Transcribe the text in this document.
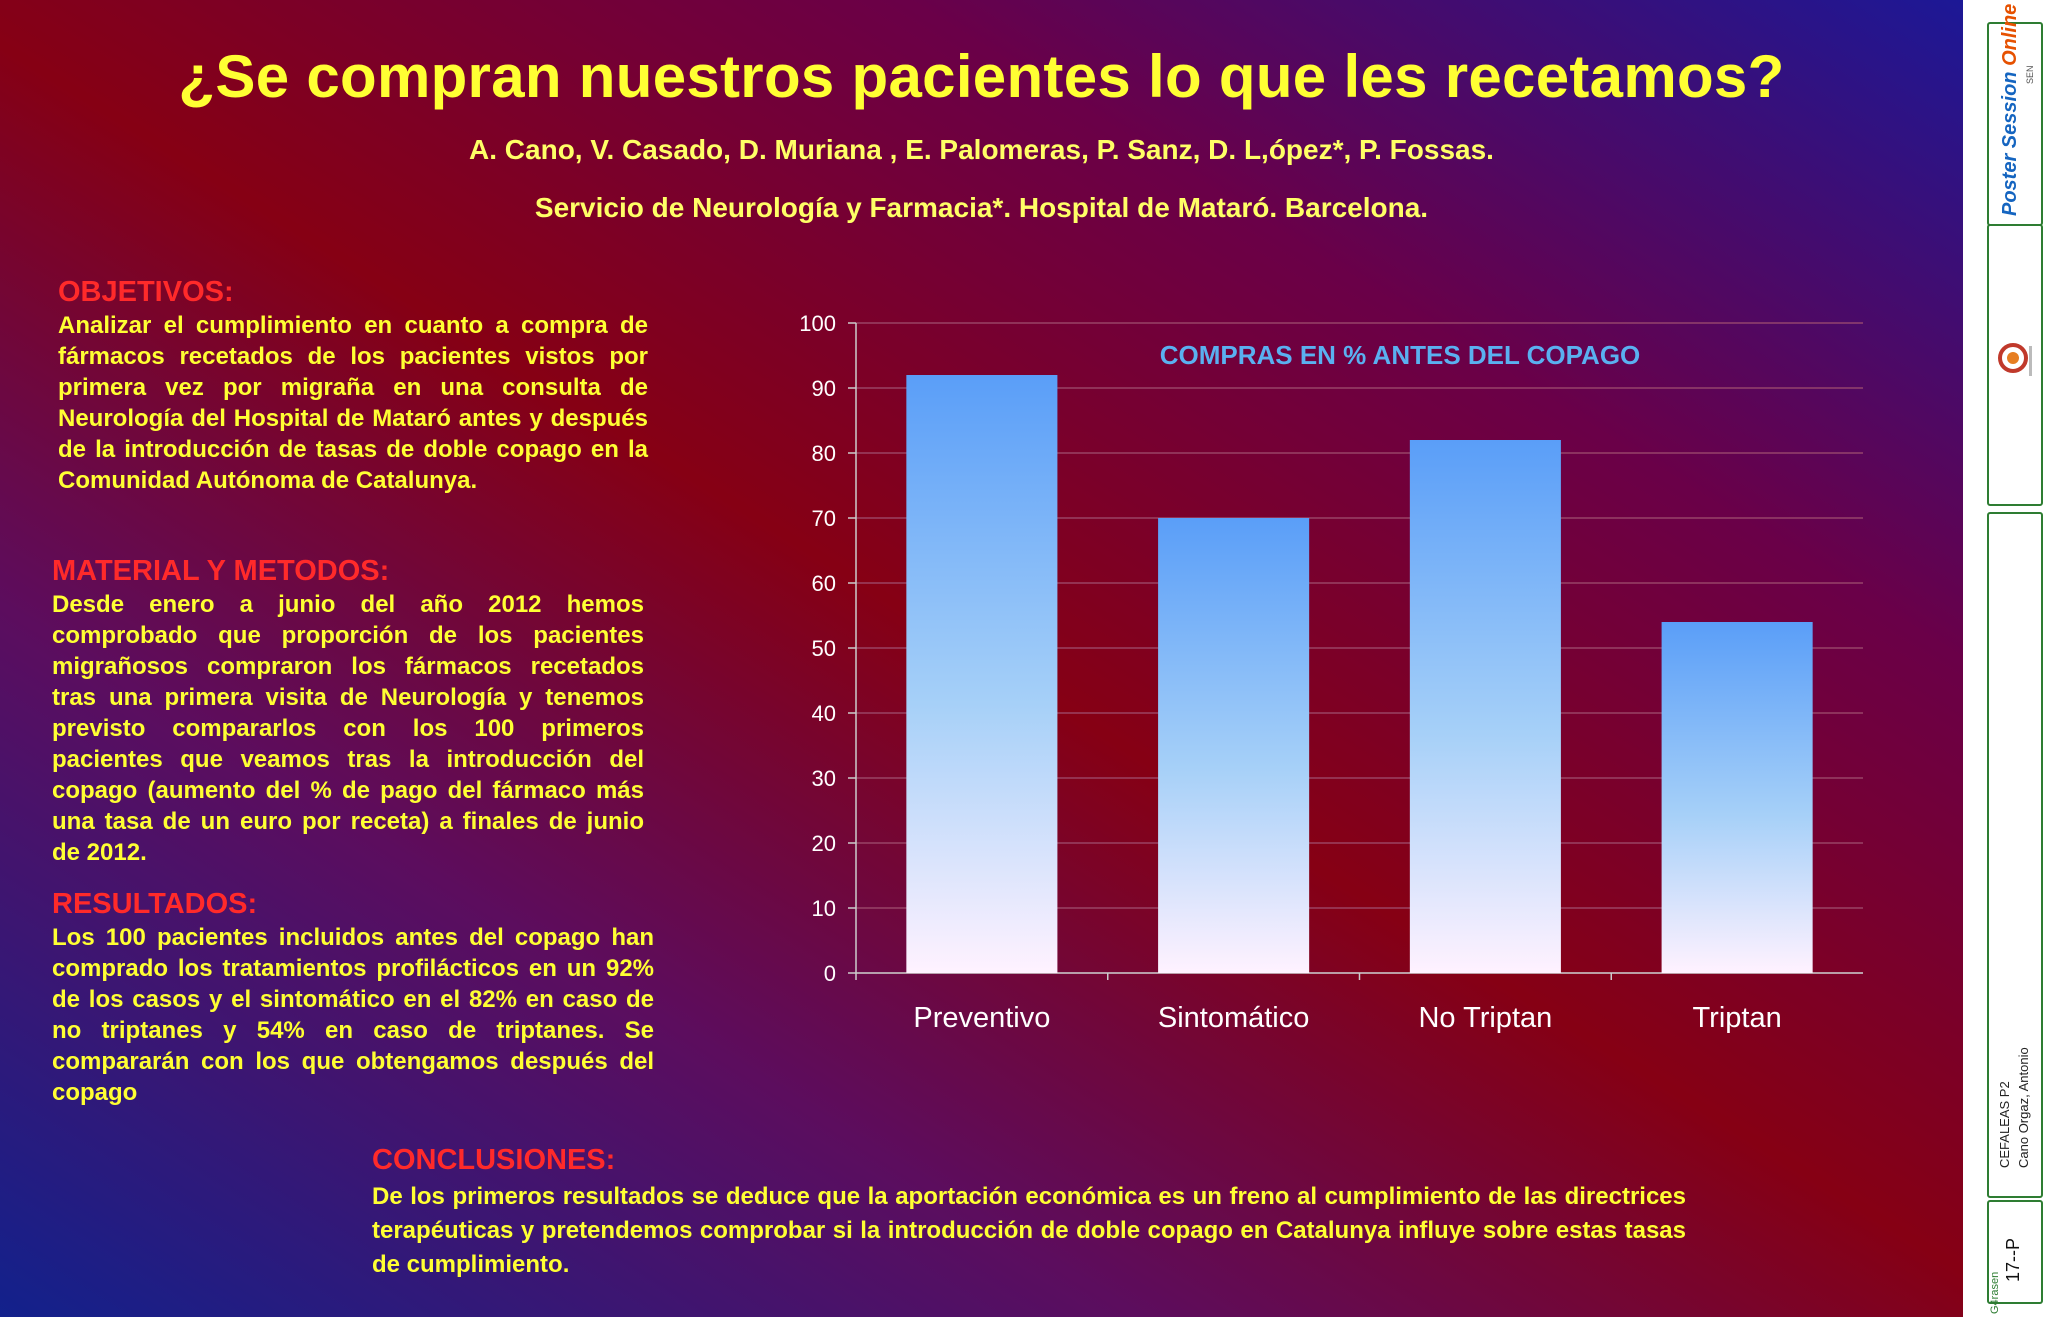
¿Se compran nuestros pacientes lo que les recetamos?
A. Cano, V. Casado, D. Muriana , E. Palomeras, P. Sanz, D. L,ópez*, P. Fossas.
Servicio de Neurología y Farmacia*. Hospital de Mataró. Barcelona.
OBJETIVOS:

Analizar el cumplimiento en cuanto a compra de fármacos recetados de los pacientes vistos por primera vez por migraña en una consulta de Neurología del Hospital de Mataró antes y después de la introducción de tasas de doble copago en la Comunidad Autónoma de Catalunya.

MATERIAL Y METODOS:

Desde enero a junio del año 2012 hemos comprobado que proporción de los pacientes migrañosos compraron los fármacos recetados tras una primera visita de Neurología y tenemos previsto compararlos con los 100 primeros pacientes que veamos tras la introducción del copago (aumento del % de pago del fármaco más una tasa de un euro por receta) a finales de junio de 2012.

RESULTADOS:

Los 100 pacientes incluidos antes del copago han comprado los tratamientos profilácticos en un 92% de los casos y el sintomático en el 82% en caso de no triptanes y 54% en caso de triptanes. Se compararán con los que obtengamos después del copago

CONCLUSIONES:

De los primeros resultados se deduce que la aportación económica es un freno al cumplimiento de las directrices terapéuticas y pretendemos comprobar si la introducción de doble copago en Catalunya influye sobre estas tasas de cumplimiento.

0
10
20
30
40
50
60
70
80
90
100
Preventivo	Sintomático	No Triptan	Triptan
COMPRAS EN % ANTES DEL COPAGO
Poster Session Online
SEN
CEFALEAS P2 Cano Orgaz, Antonio
17--P
G4rasen
